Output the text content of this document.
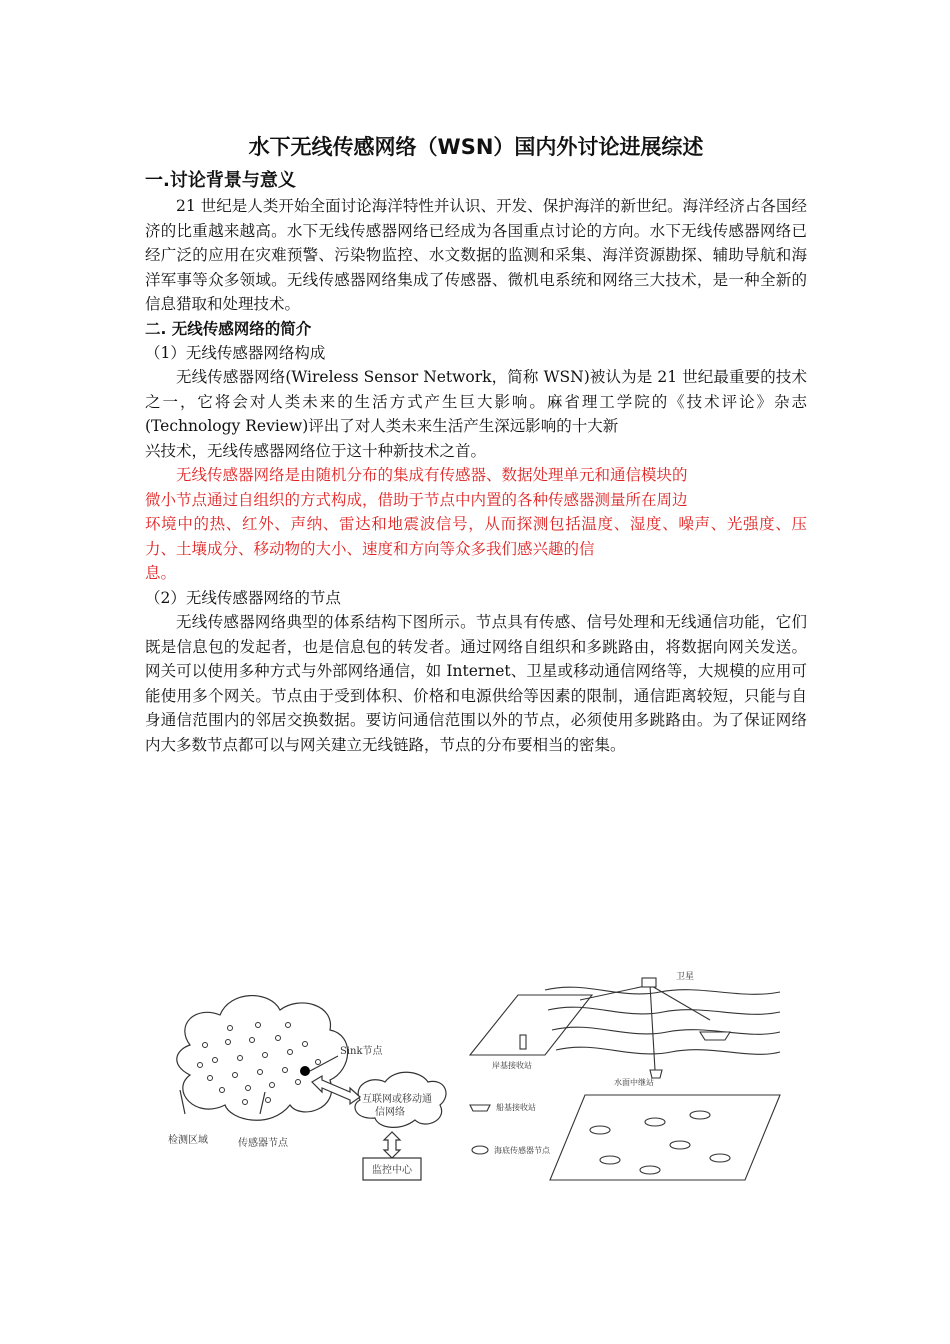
水下无线传感网络（WSN）国内外讨论进展综述
一.讨论背景与意义

21 世纪是人类开始全面讨论海洋特性并认识、开发、保护海洋的新世纪。海洋经济占各国经济的比重越来越高。水下无线传感器网络已经成为各国重点讨论的方向。水下无线传感器网络已经广泛的应用在灾难预警、污染物监控、水文数据的监测和采集、海洋资源勘探、辅助导航和海洋军事等众多领域。无线传感器网络集成了传感器、微机电系统和网络三大技术，是一种全新的信息猎取和处理技术。

二. 无线传感网络的简介

（1）无线传感器网络构成

无线传感器网络(Wireless Sensor Network，简称 WSN)被认为是 21 世纪最重要的技术之一，它将会对人类未来的生活方式产生巨大影响。麻省理工学院的《技术评论》杂志(Technology Review)评出了对人类未来生活产生深远影响的十大新

兴技术，无线传感器网络位于这十种新技术之首。

无线传感器网络是由随机分布的集成有传感器、数据处理单元和通信模块的

微小节点通过自组织的方式构成，借助于节点中内置的各种传感器测量所在周边

环境中的热、红外、声纳、雷达和地震波信号，从而探测包括温度、湿度、噪声、光强度、压力、土壤成分、移动物的大小、速度和方向等众多我们感兴趣的信

息。

（2）无线传感器网络的节点

无线传感器网络典型的体系结构下图所示。节点具有传感、信号处理和无线通信功能，它们既是信息包的发起者，也是信息包的转发者。通过网络自组织和多跳路由，将数据向网关发送。网关可以使用多种方式与外部网络通信，如 Internet、卫星或移动通信网络等，大规模的应用可能使用多个网关。节点由于受到体积、价格和电源供给等因素的限制，通信距离较短，只能与自身通信范围内的邻居交换数据。要访问通信范围以外的节点，必须使用多跳路由。为了保证网络内大多数节点都可以与网关建立无线链路，节点的分布要相当的密集。

Sink节点
互联网或移动通
信网络
监控中心
检测区域	传感器节点
卫星
岸基接收站
水面中继站
船基接收站
海底传感器节点
